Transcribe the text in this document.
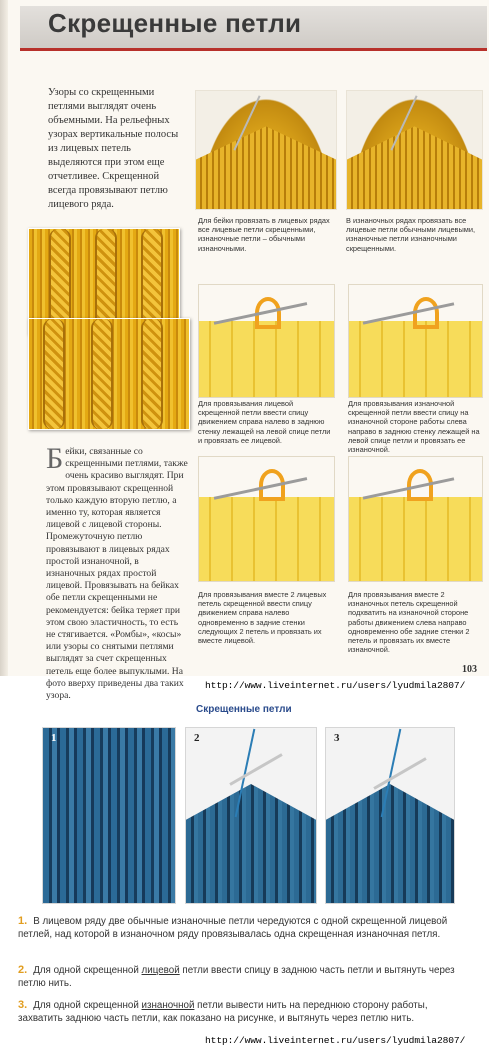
Скрещенные петли
Узоры со скрещенными петлями выглядят очень объемными. На рельефных узорах вертикальные полосы из лицевых петель выделяются при этом еще отчетливее. Скрещенной всегда провязывают петлю лицевого ряда.
Бейки, связанные со скрещенными петлями, также очень красиво выглядят. При этом провязывают скрещенной только каждую вторую петлю, а именно ту, которая является лицевой с лицевой стороны. Промежуточную петлю провязывают в лицевых рядах простой изнаночной, в изнаночных рядах простой лицевой. Провязывать на бейках обе петли скрещенными не рекомендуется: бейка теряет при этом свою эластичность, то есть не стягивается. «Ромбы», «косы» или узоры со снятыми петлями выглядят за счет скрещенных петель еще более выпуклыми. На фото вверху приведены два таких узора.
Для бейки провязать в лицевых рядах все лицевые петли скрещенными, изнаночные петли – обычными изнаночными.
В изнаночных рядах провязать все лицевые петли обычными лицевыми, изнаночные петли изнаночными скрещенными.
Для провязывания лицевой скрещенной петли ввести спицу движением справа налево в заднюю стенку лежащей на левой спице петли и провязать ее лицевой.
Для провязывания изнаночной скрещенной петли ввести спицу на изнаночной стороне работы слева направо в заднюю стенку лежащей на левой спице петли и провязать ее изнаночной.
Для провязывания вместе 2 лицевых петель скрещенной ввести спицу движением справа налево одновременно в задние стенки следующих 2 петель и провязать их вместе лицевой.
Для провязывания вместе 2 изнаночных петель скрещенной подхватить на изнаночной стороне работы движением слева направо одновременно обе задние стенки 2 петель и провязать их вместе изнаночной.
103
http://www.liveinternet.ru/users/lyudmila2807/
Скрещенные петли
1	2	3
1. В лицевом ряду две обычные изнаночные петли чередуются с одной скрещенной лицевой петлей, над которой в изнаночном ряду провязывалась одна скрещенная изнаночная петля.
2. Для одной скрещенной лицевой петли ввести спицу в заднюю часть петли и вытянуть через петлю нить.
3. Для одной скрещенной изнаночной петли вывести нить на переднюю сторону работы, захватить заднюю часть петли, как показано на рисунке, и вытянуть через петлю нить.
http://www.liveinternet.ru/users/lyudmila2807/
